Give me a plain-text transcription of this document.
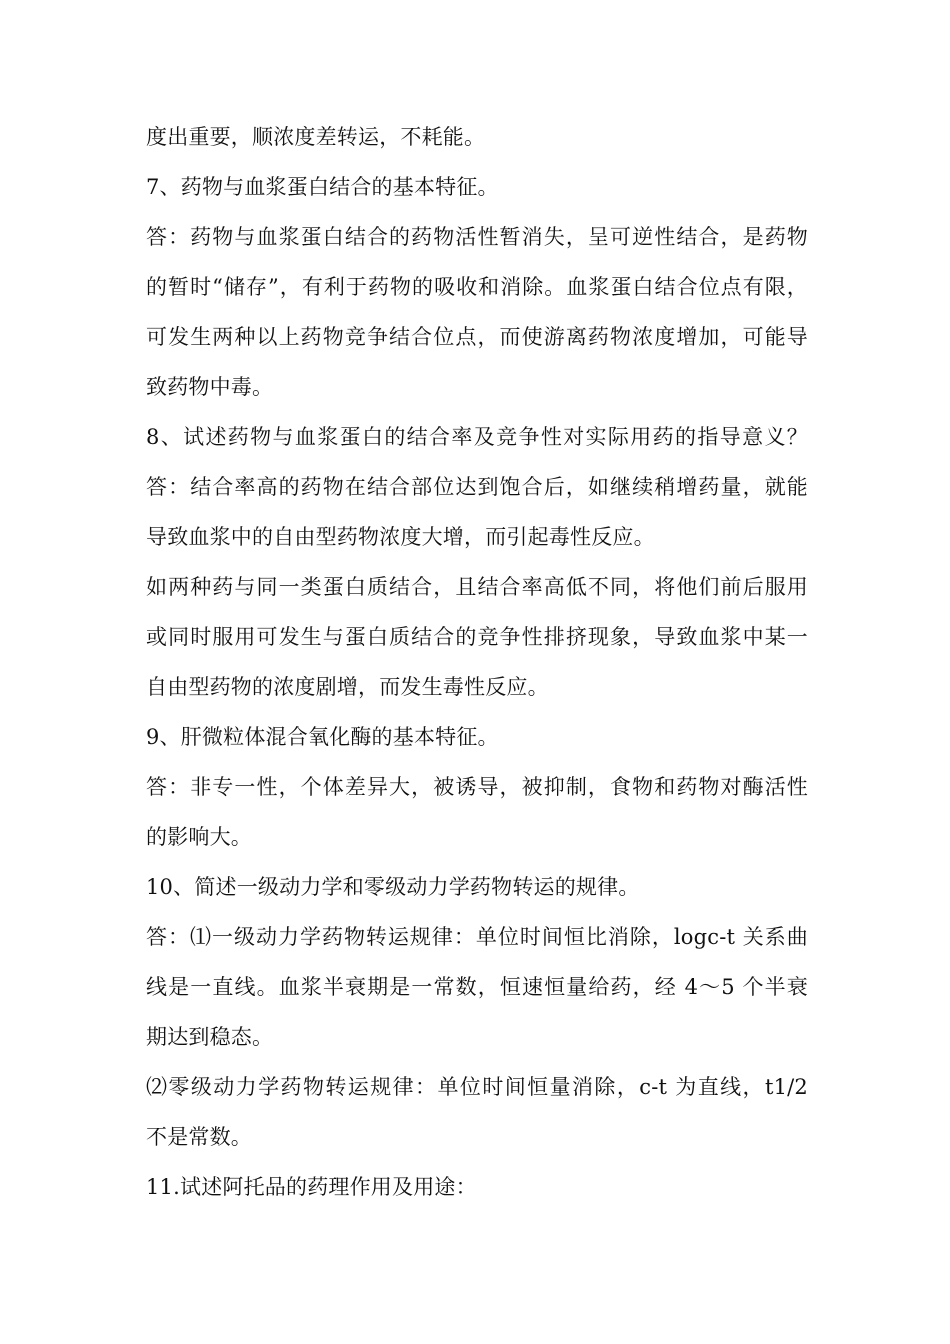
度出重要，顺浓度差转运，不耗能。
7、药物与血浆蛋白结合的基本特征。
答：药物与血浆蛋白结合的药物活性暂消失，呈可逆性结合，是药物
的暂时“储存”，有利于药物的吸收和消除。血浆蛋白结合位点有限，
可发生两种以上药物竞争结合位点，而使游离药物浓度增加，可能导
致药物中毒。
8、试述药物与血浆蛋白的结合率及竞争性对实际用药的指导意义？
答：结合率高的药物在结合部位达到饱合后，如继续稍增药量，就能
导致血浆中的自由型药物浓度大增，而引起毒性反应。
如两种药与同一类蛋白质结合，且结合率高低不同，将他们前后服用
或同时服用可发生与蛋白质结合的竞争性排挤现象，导致血浆中某一
自由型药物的浓度剧增，而发生毒性反应。
9、肝微粒体混合氧化酶的基本特征。
答：非专一性，个体差异大，被诱导，被抑制，食物和药物对酶活性
的影响大。
10、简述一级动力学和零级动力学药物转运的规律。
答：⑴一级动力学药物转运规律：单位时间恒比消除，logc-t 关系曲
线是一直线。血浆半衰期是一常数，恒速恒量给药，经 4～5 个半衰
期达到稳态。
⑵零级动力学药物转运规律：单位时间恒量消除，c-t 为直线，t1/2
不是常数。
11.试述阿托品的药理作用及用途：
